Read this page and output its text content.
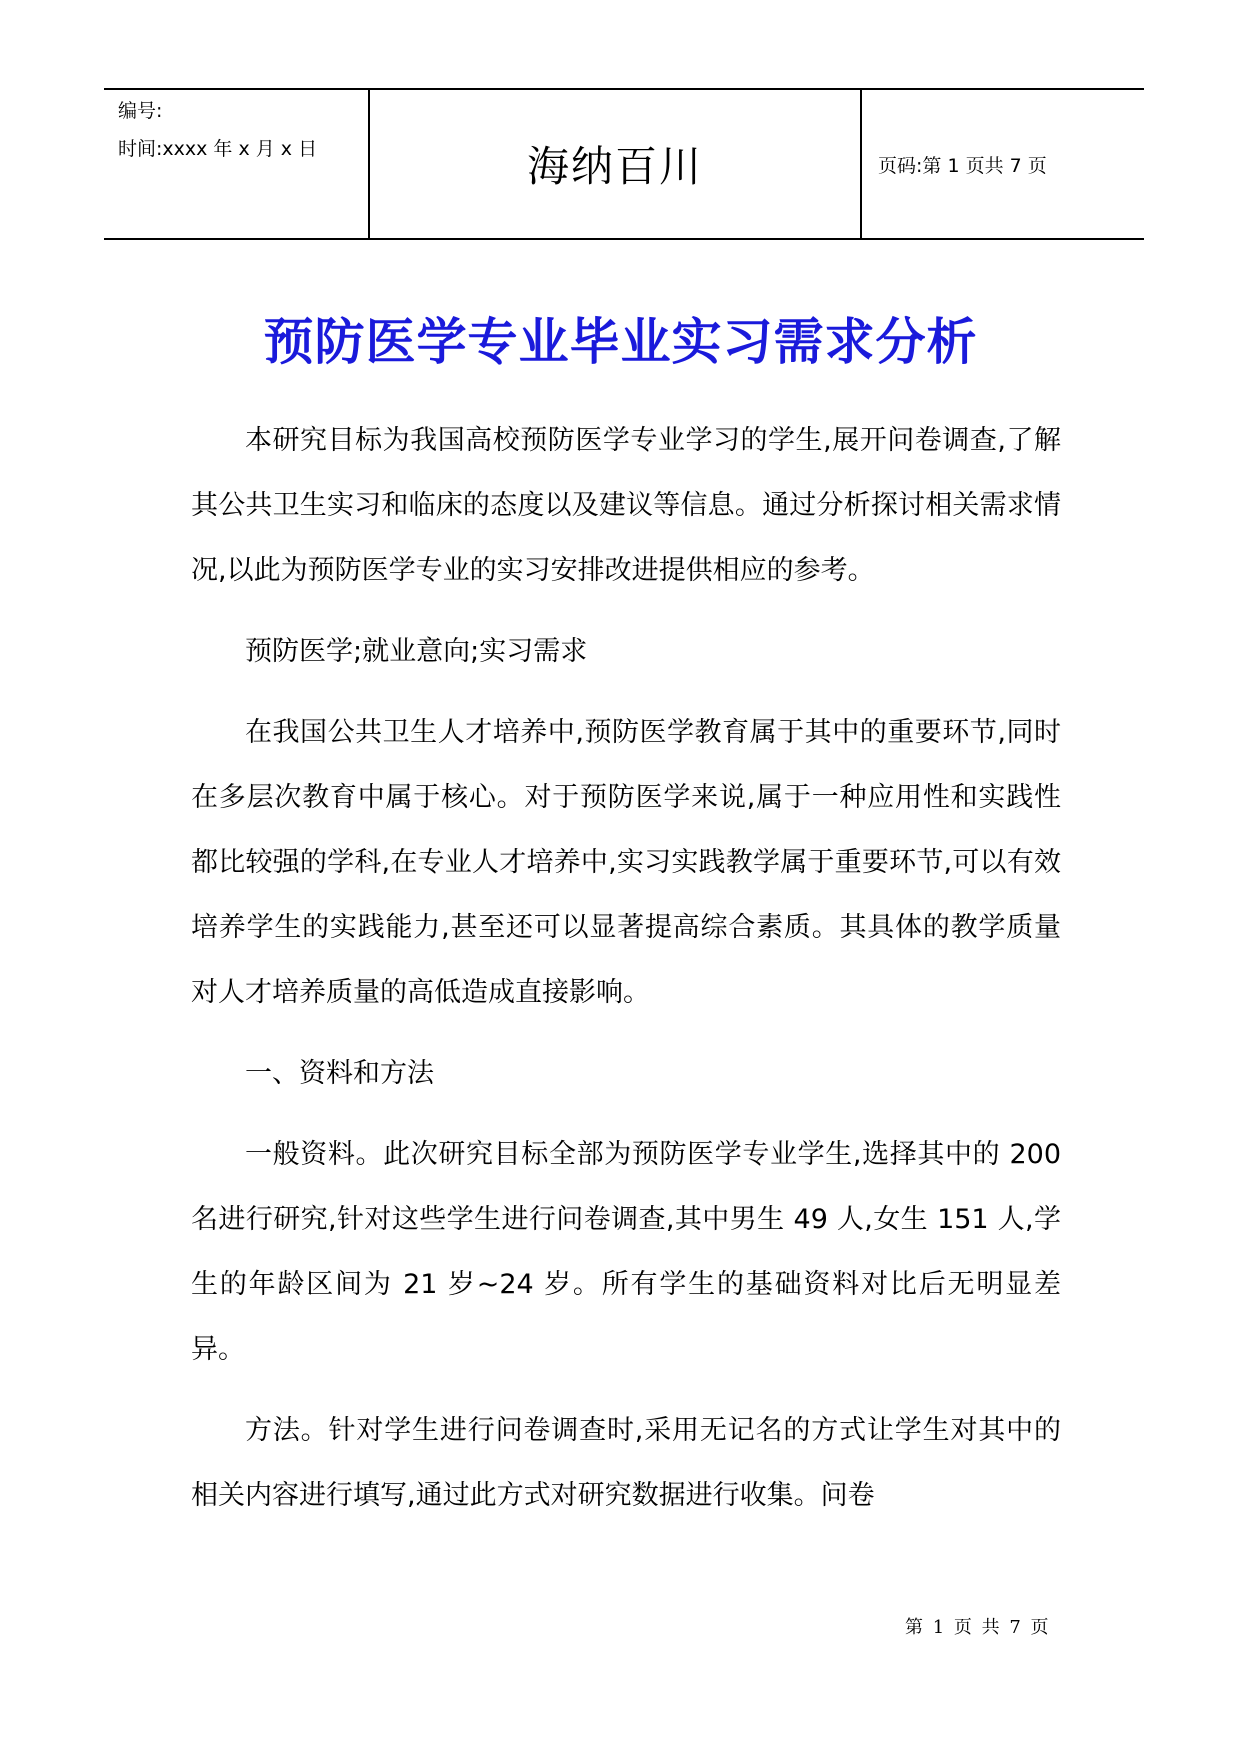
编号:
时间:xxxx 年 x 月 x 日	海纳百川	页码:第 1 页共 7 页
预防医学专业毕业实习需求分析

本研究目标为我国高校预防医学专业学习的学生,展开问卷调查,了解其公共卫生实习和临床的态度以及建议等信息。通过分析探讨相关需求情况,以此为预防医学专业的实习安排改进提供相应的参考。

预防医学;就业意向;实习需求

在我国公共卫生人才培养中,预防医学教育属于其中的重要环节,同时在多层次教育中属于核心。对于预防医学来说,属于一种应用性和实践性都比较强的学科,在专业人才培养中,实习实践教学属于重要环节,可以有效培养学生的实践能力,甚至还可以显著提高综合素质。其具体的教学质量对人才培养质量的高低造成直接影响。

一、资料和方法

一般资料。此次研究目标全部为预防医学专业学生,选择其中的 200 名进行研究,针对这些学生进行问卷调查,其中男生 49 人,女生 151 人,学生的年龄区间为 21 岁~24 岁。所有学生的基础资料对比后无明显差异。

方法。针对学生进行问卷调查时,采用无记名的方式让学生对其中的相关内容进行填写,通过此方式对研究数据进行收集。问卷

第 1 页 共 7 页
